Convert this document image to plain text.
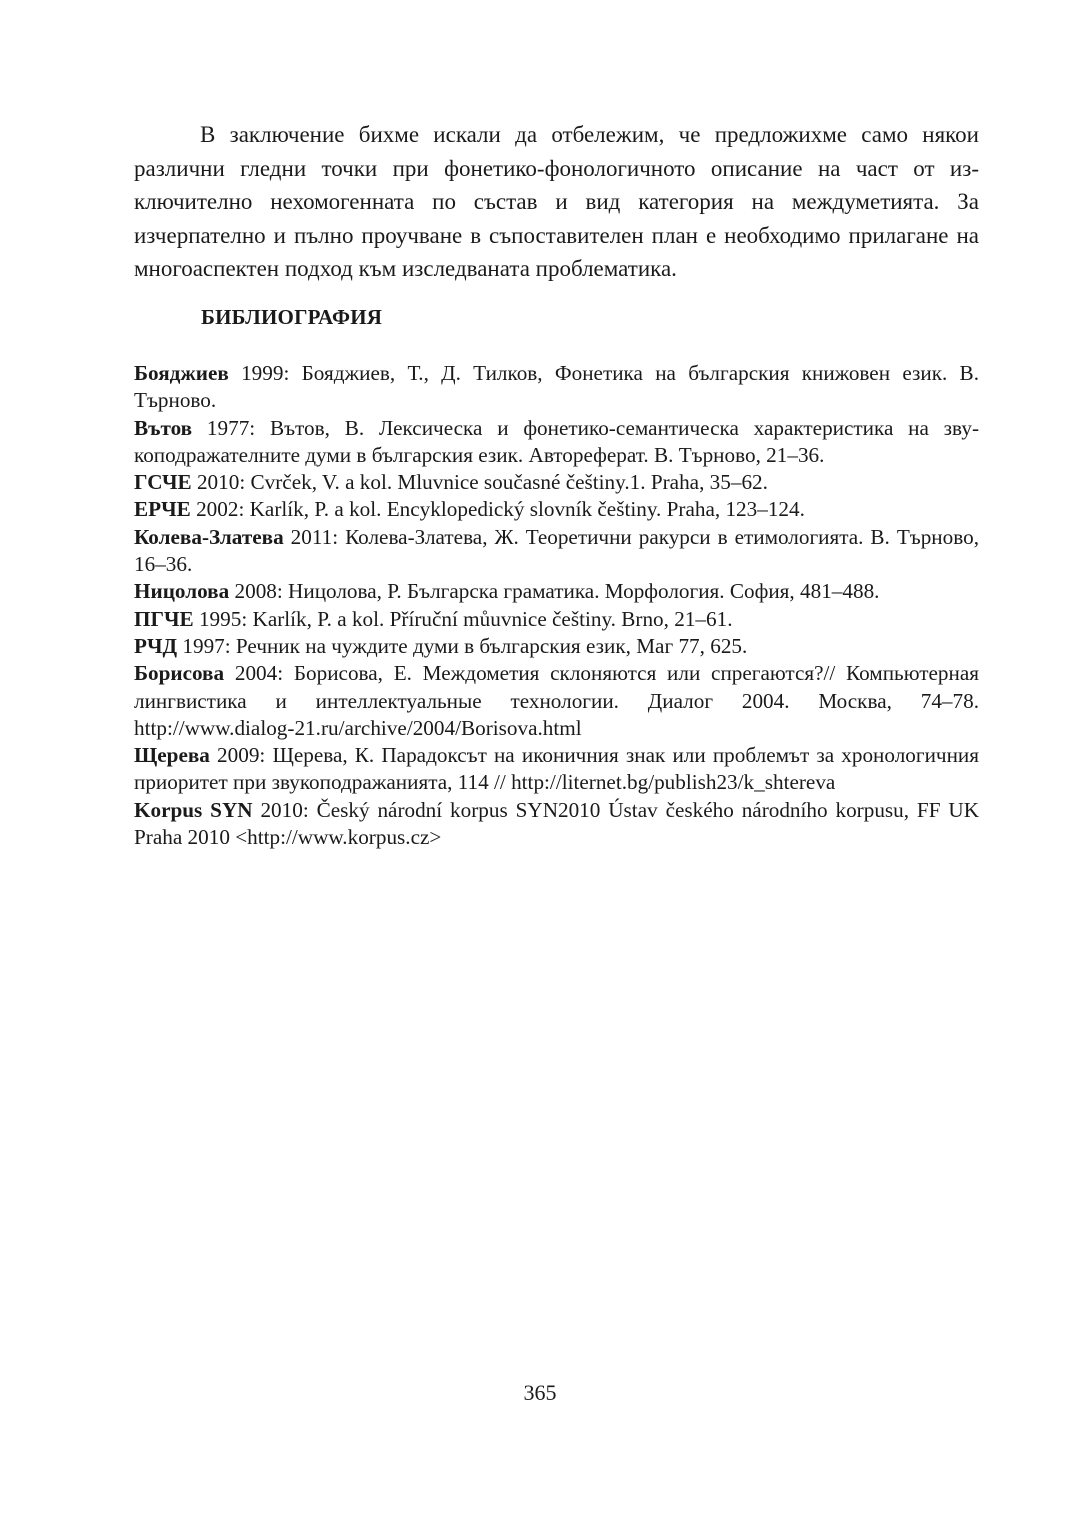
В заключение бихме искали да отбележим, че предложихме само някои различни гледни точки при фонетико-фонологичното описание на част от изключително нехомогенната по състав и вид категория на междуметията. За изчерпателно и пълно проучване в съпоставителен план е необходимо прилагане на многоаспектен подход към изследваната проблематика.

БИБЛИОГРАФИЯ
Бояджиев 1999: Бояджиев, Т., Д. Тилков, Фонетика на българския книжовен език. В. Търново.
Вътов 1977: Вътов, В. Лексическа и фонетико-семантическа характеристика на звукоподражателните думи в българския език. Автореферат. В. Търново, 21–36.
ГСЧЕ 2010: Cvrček, V. a kol. Mluvnice současné češtiny.1. Praha, 35–62.
ЕРЧЕ 2002: Karlík, P. a kol. Encyklopedický slovník češtiny. Praha, 123–124.
Колева-Златева 2011: Колева-Златева, Ж. Теоретични ракурси в етимологията. В. Търново, 16–36.
Ницолова 2008: Ницолова, Р. Българска граматика. Морфология. София, 481–488.
ПГЧЕ 1995: Karlík, P. a kol. Příruční můuvnice češtiny. Brno, 21–61.
РЧД 1997: Речник на чуждите думи в българския език, Маг 77, 625.
Борисова 2004: Борисова, Е. Междометия склоняются или спрегаются?// Компьютерная лингвистика и интеллектуальные технологии. Диалог 2004. Москва, 74–78. http://www.dialog-21.ru/archive/2004/Borisova.html
Щерева 2009: Щерева, К. Парадоксът на иконичния знак или проблемът за хронологичния приоритет при звукоподражанията, 114 // http://liternet.bg/publish23/k_shtereva
Korpus SYN 2010: Český národní korpus SYN2010 Ústav českého národního korpusu, FF UK Praha 2010 <http://www.korpus.cz>

365
